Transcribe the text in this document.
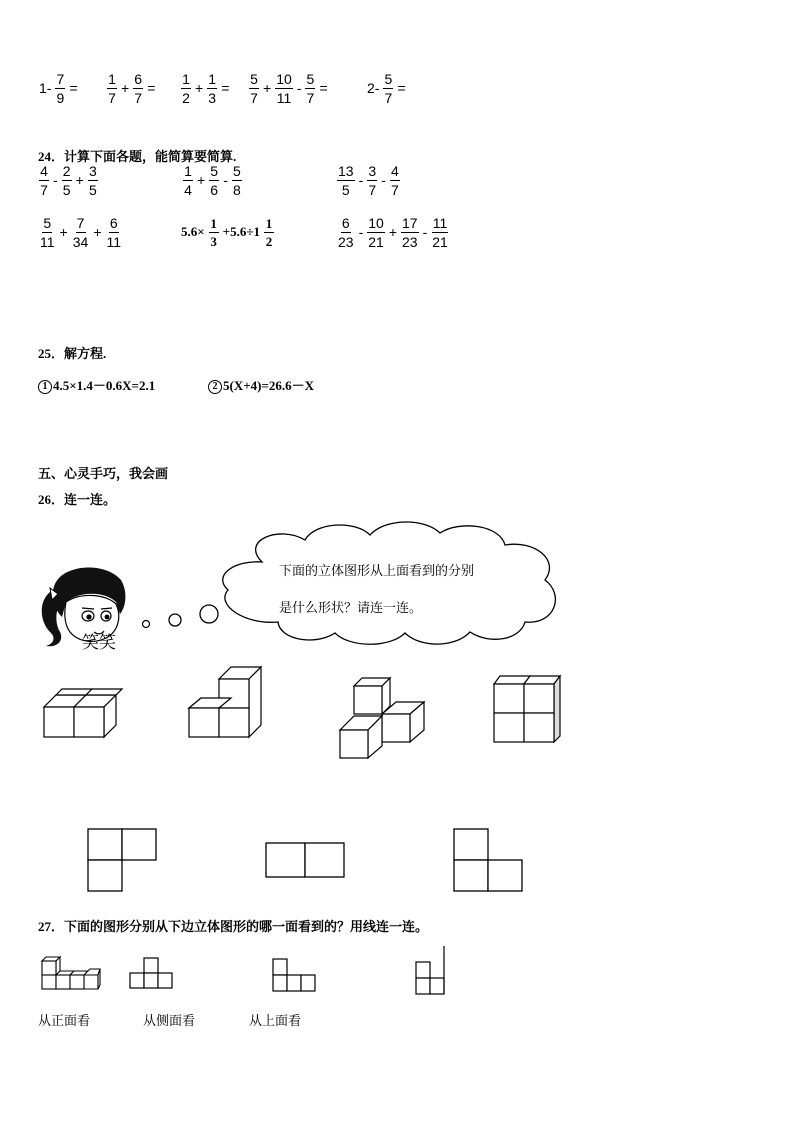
$1- \frac{7}{9} = \frac{1}{7} + \frac{6}{7} = \frac{1}{2} + \frac{1}{3} = \frac{5}{7} + \frac{10}{11} - \frac{5}{7}$ =	$2- \frac{5}{7}$ =
24．计算下面各题，能简算要简算.
$\frac{4}{7} - \frac{2}{5} + \frac{3}{5}$	$\frac{1}{4} + \frac{5}{6} - \frac{5}{8}$	$\frac{13}{5} - \frac{3}{7} - \frac{4}{7}$
$\frac{5}{11} + \frac{7}{34} + \frac{6}{11}$	$5.6\times \frac{1}{3} +5.6\div 1 \frac{1}{2}$	$\frac{6}{23} - \frac{10}{21} + \frac{17}{23} - \frac{11}{21}$
25．解方程.
1 4.5×1.4－0.6X=2.1	2 5(X+4)=26.6－X
五、心灵手巧，我会画
26．连一连。
下面的立体图形从上面看到的分别
是什么形状？请连一连。
笑笑
27．下面的图形分别从下边立体图形的哪一面看到的？用线连一连。
从正面看	从侧面看	从上面看
